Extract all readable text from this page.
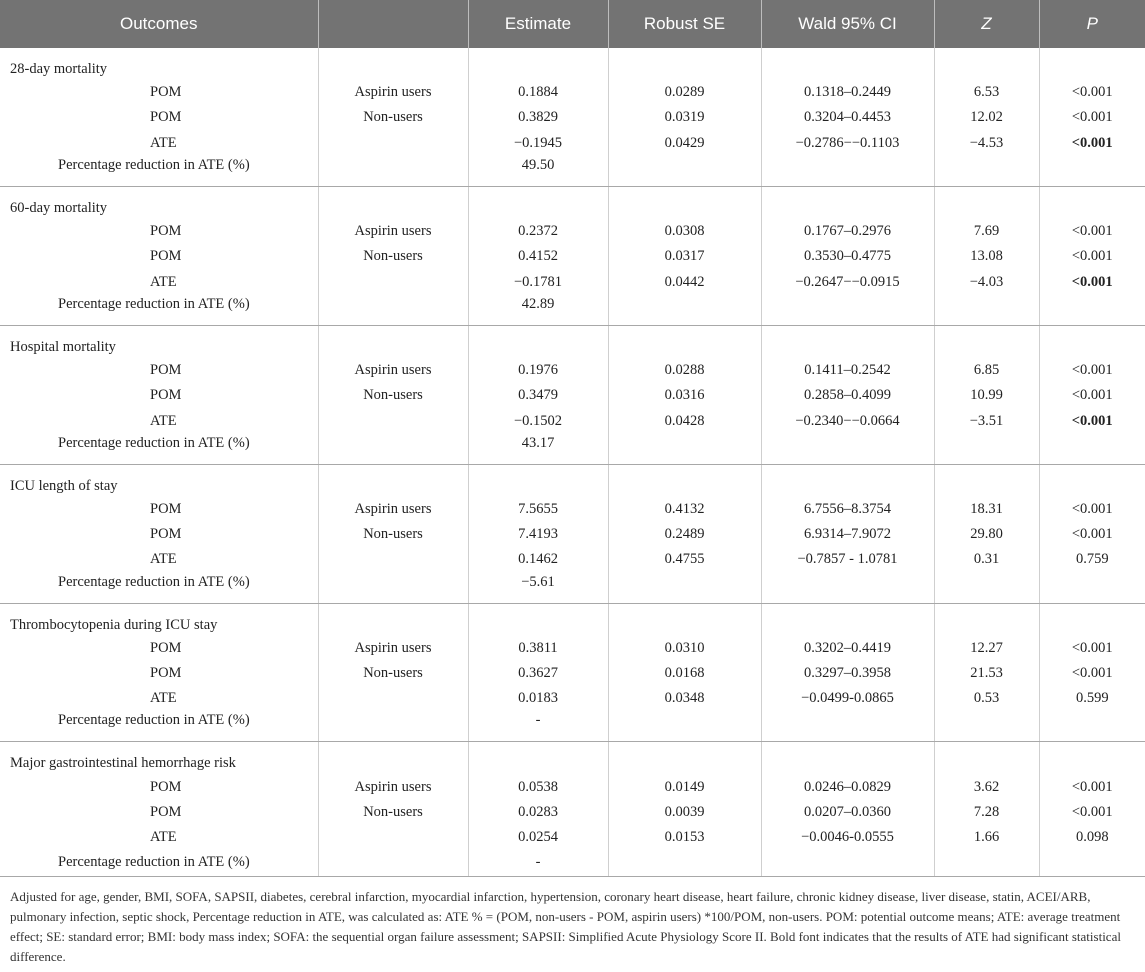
Outcomes		Estimate	Robust SE	Wald 95% CI	Z	P
28-day mortality						
POM	Aspirin users	0.1884	0.0289	0.1318–0.2449	6.53	<0.001
POM	Non-users	0.3829	0.0319	0.3204–0.4453	12.02	<0.001
ATE		−0.1945	0.0429	−0.2786−−0.1103	−4.53	<0.001
Percentage reduction in ATE (%)		49.50				
60-day mortality						
POM	Aspirin users	0.2372	0.0308	0.1767–0.2976	7.69	<0.001
POM	Non-users	0.4152	0.0317	0.3530–0.4775	13.08	<0.001
ATE		−0.1781	0.0442	−0.2647−−0.0915	−4.03	<0.001
Percentage reduction in ATE (%)		42.89				
Hospital mortality						
POM	Aspirin users	0.1976	0.0288	0.1411–0.2542	6.85	<0.001
POM	Non-users	0.3479	0.0316	0.2858–0.4099	10.99	<0.001
ATE		−0.1502	0.0428	−0.2340−−0.0664	−3.51	<0.001
Percentage reduction in ATE (%)		43.17				
ICU length of stay						
POM	Aspirin users	7.5655	0.4132	6.7556–8.3754	18.31	<0.001
POM	Non-users	7.4193	0.2489	6.9314–7.9072	29.80	<0.001
ATE		0.1462	0.4755	−0.7857 - 1.0781	0.31	0.759
Percentage reduction in ATE (%)		−5.61				
Thrombocytopenia during ICU stay						
POM	Aspirin users	0.3811	0.0310	0.3202–0.4419	12.27	<0.001
POM	Non-users	0.3627	0.0168	0.3297–0.3958	21.53	<0.001
ATE		0.0183	0.0348	−0.0499-0.0865	0.53	0.599
Percentage reduction in ATE (%)		-				
Major gastrointestinal hemorrhage risk						
POM	Aspirin users	0.0538	0.0149	0.0246–0.0829	3.62	<0.001
POM	Non-users	0.0283	0.0039	0.0207–0.0360	7.28	<0.001
ATE		0.0254	0.0153	−0.0046-0.0555	1.66	0.098
Percentage reduction in ATE (%)		-				

Adjusted for age, gender, BMI, SOFA, SAPSII, diabetes, cerebral infarction, myocardial infarction, hypertension, coronary heart disease, heart failure, chronic kidney disease, liver disease, statin, ACEI/ARB, pulmonary infection, septic shock, Percentage reduction in ATE, was calculated as: ATE % = (POM, non-users - POM, aspirin users) *100/POM, non-users. POM: potential outcome means; ATE: average treatment effect; SE: standard error; BMI: body mass index; SOFA: the sequential organ failure assessment; SAPSII: Simplified Acute Physiology Score II. Bold font indicates that the results of ATE had significant statistical difference.
